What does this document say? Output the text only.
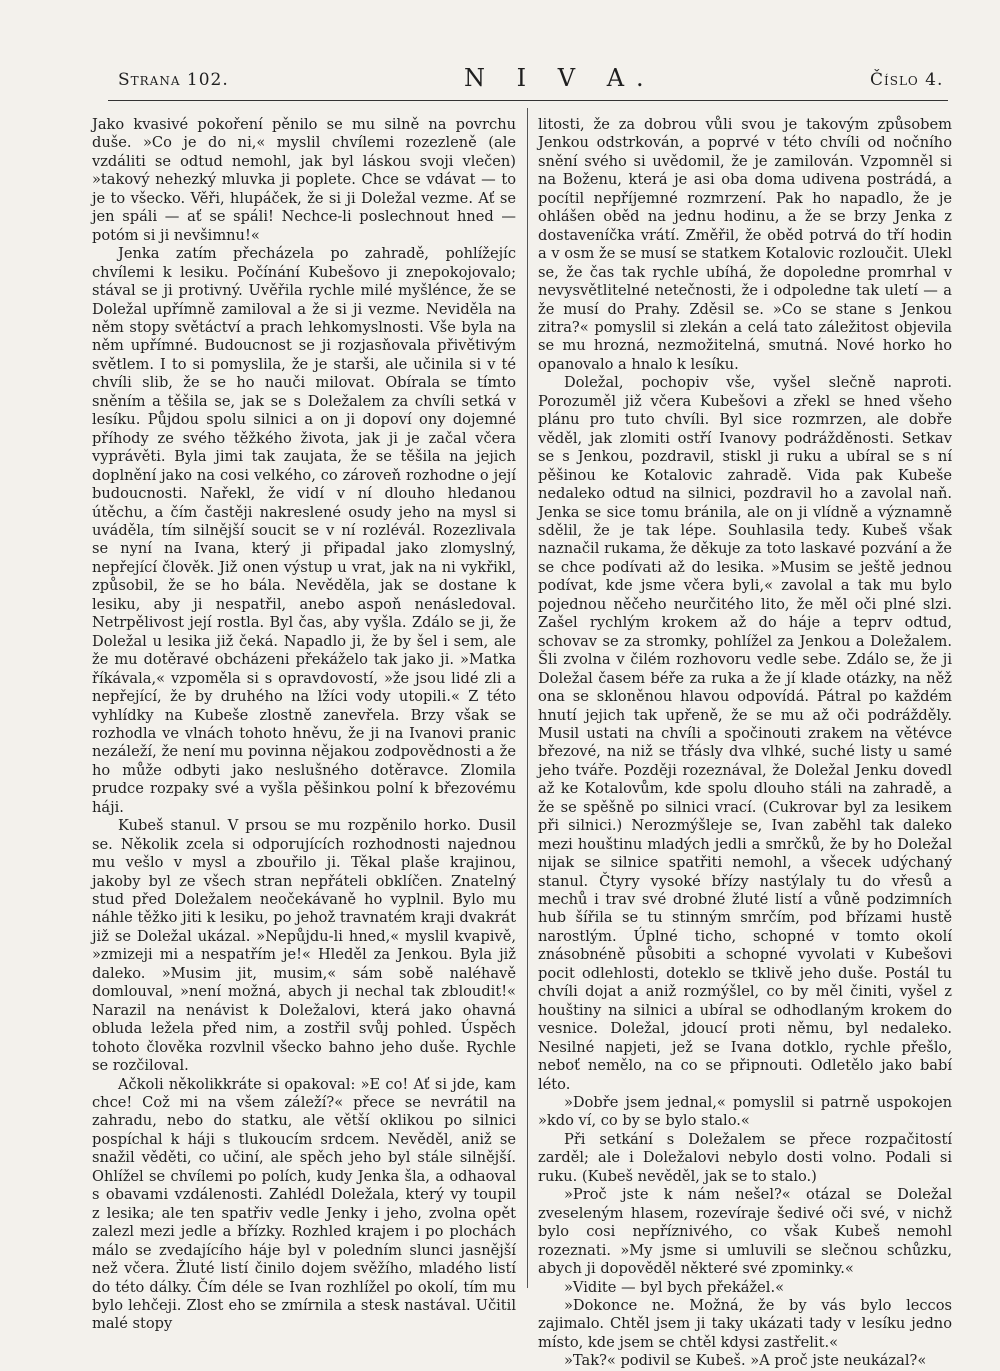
Strana 102.	N I V A.	Číslo 4.

Jako kvasivé pokoření pěnilo se mu silně na povrchu duše. »Co je do ni,« myslil chvílemi rozezleně (ale vzdáliti se odtud nemohl, jak byl láskou svoji vlečen) »takový nehezký mluvka ji poplete. Chce se vdávat — to je to všecko. Věři, hlupáček, že si ji Doležal vezme. Ať se jen spáli — ať se spáli! Nechce-li poslechnout hned — potóm si ji nevšimnu!«

Jenka zatím přecházela po zahradě, pohlížejíc chvílemi k lesiku. Počínání Kubešovo ji znepokojovalo; stával se ji protivný. Uvěřila rychle milé myšlénce, že se Doležal upřímně zamiloval a že si ji vezme. Neviděla na něm stopy světáctví a prach lehkomyslnosti. Vše byla na něm upřímné. Budoucnost se ji rozjasňovala přivětivým světlem. I to si pomyslila, že je starši, ale učinila si v té chvíli slib, že se ho nauči milovat. Obírala se tímto sněním a těšila se, jak se s Doležalem za chvíli setká v lesíku. Půjdou spolu silnici a on ji dopoví ony dojemné příhody ze svého těžkého života, jak ji je začal včera vyprávěti. Byla jimi tak zaujata, že se těšila na jejich doplnění jako na cosi velkého, co zároveň rozhodne o její budoucnosti. Nařekl, že vidí v ní dlouho hledanou útěchu, a čím častěji nakreslené osudy jeho na mysl si uváděla, tím silnější soucit se v ní rozlévál. Rozezlivala se nyní na Ivana, který ji připadal jako zlomyslný, nepřející člověk. Již onen výstup u vrat, jak na ni vykřikl, způsobil, že se ho bála. Nevěděla, jak se dostane k lesiku, aby ji nespatřil, anebo aspoň nenásledoval. Netrpělivost její rostla. Byl čas, aby vyšla. Zdálo se ji, že Doležal u lesika již čeká. Napadlo ji, že by šel i sem, ale že mu dotěravé obcházeni překáželo tak jako ji. »Matka říkávala,« vzpoměla si s opravdovostí, »že jsou lidé zli a nepřející, že by druhého na lžíci vody utopili.« Z této vyhlídky na Kubeše zlostně zanevřela. Brzy však se rozhodla ve vlnách tohoto hněvu, že ji na Ivanovi pranic nezáleží, že není mu povinna nějakou zodpovědnosti a že ho může odbyti jako neslušného dotěravce. Zlomila prudce rozpaky své a vyšla pěšinkou polní k březovému háji.

Kubeš stanul. V prsou se mu rozpěnilo horko. Dusil se. Několik zcela si odporujících rozhodnosti najednou mu vešlo v mysl a zbouřilo ji. Těkal plaše krajinou, jakoby byl ze všech stran nepřáteli obklíčen. Znatelný stud před Doležalem neočekávaně ho vyplnil. Bylo mu náhle těžko jiti k lesiku, po jehož travnatém kraji dvakrát již se Doležal ukázal. »Nepůjdu-li hned,« myslil kvapivě, »zmizeji mi a nespatřím je!« Hleděl za Jenkou. Byla již daleko. »Musim jit, musim,« sám sobě naléhavě domlouval, »není možná, abych ji nechal tak zbloudit!« Narazil na nenávist k Doležalovi, která jako ohavná obluda ležela před nim, a zostřil svůj pohled. Úspěch tohoto člověka rozvlnil všecko bahno jeho duše. Rychle se rozčiloval.

Ačkoli několikkráte si opakoval: »E co! Ať si jde, kam chce! Což mi na všem záleží?« přece se nevrátil na zahradu, nebo do statku, ale větší oklikou po silnici pospíchal k háji s tlukoucím srdcem. Nevěděl, aniž se snažil věděti, co učiní, ale spěch jeho byl stále silnější. Ohlížel se chvílemi po polích, kudy Jenka šla, a odhaoval s obavami vzdálenosti. Zahlédl Doležala, který vy toupil z lesika; ale ten spatřiv vedle Jenky i jeho, zvolna opět zalezl mezi jedle a břízky. Rozhled krajem i po plochách málo se zvedajícího háje byl v poledním slunci jasnější než včera. Žluté listí činilo dojem svěžího, mladého listí do této dálky. Čím déle se Ivan rozhlížel po okolí, tím mu bylo lehčeji. Zlost eho se zmírnila a stesk nastával. Učitil malé stopy

litosti, že za dobrou vůli svou je takovým způsobem Jenkou odstrkován, a poprvé v této chvíli od nočního snění svého si uvědomil, že je zamilován. Vzpomněl si na Boženu, která je asi oba doma udivena postrádá, a pocítil nepříjemné rozmrzení. Pak ho napadlo, že je ohlášen oběd na jednu hodinu, a že se brzy Jenka z dostaveníčka vrátí. Změřil, že oběd potrvá do tří hodin a v osm že se musí se statkem Kotalovic rozloučit. Ulekl se, že čas tak rychle ubíhá, že dopoledne promrhal v nevysvětlitelné netečnosti, že i odpoledne tak uletí — a že musí do Prahy. Zděsil se. »Co se stane s Jenkou zitra?« pomyslil si zlekán a celá tato záležitost objevila se mu hrozná, nezmožitelná, smutná. Nové horko ho opanovalo a hnalo k lesíku.

Doležal, pochopiv vše, vyšel slečně naproti. Porozuměl již včera Kubešovi a zřekl se hned všeho plánu pro tuto chvíli. Byl sice rozmrzen, ale dobře věděl, jak zlomiti ostří Ivanovy podrážděnosti. Setkav se s Jenkou, pozdravil, stiskl ji ruku a ubíral se s ní pěšinou ke Kotalovic zahradě. Vida pak Kubeše nedaleko odtud na silnici, pozdravil ho a zavolal naň. Jenka se sice tomu bránila, ale on ji vlídně a významně sdělil, že je tak lépe. Souhlasila tedy. Kubeš však naznačil rukama, že děkuje za toto laskavé pozvání a že se chce podívati až do lesika. »Musim se ještě jednou podívat, kde jsme včera byli,« zavolal a tak mu bylo pojednou něčeho neurčitého lito, že měl oči plné slzi. Zašel rychlým krokem až do háje a teprv odtud, schovav se za stromky, pohlížel za Jenkou a Doležalem. Šli zvolna v čilém rozhovoru vedle sebe. Zdálo se, že ji Doležal časem béře za ruka a že jí klade otázky, na něž ona se skloněnou hlavou odpovídá. Pátral po každém hnutí jejich tak upřeně, že se mu až oči podrážděly. Musil ustati na chvíli a spočinouti zrakem na větévce březové, na niž se třásly dva vlhké, suché listy u samé jeho tváře. Později rozeznával, že Doležal Jenku dovedl až ke Kotalovům, kde spolu dlouho stáli na zahradě, a že se spěšně po silnici vrací. (Cukrovar byl za lesikem při silnici.) Nerozmýšleje se, Ivan zaběhl tak daleko mezi houštinu mladých jedli a smrčků, že by ho Doležal nijak se silnice spatřiti nemohl, a všecek udýchaný stanul. Čtyry vysoké břízy nastýlaly tu do vřesů a mechů i trav své drobné žluté listí a vůně podzimních hub šířila se tu stinným smrčím, pod břízami hustě narostlým. Úplné ticho, schopné v tomto okolí znásobnéně působiti a schopné vyvolati v Kubešovi pocit odlehlosti, doteklo se tklivě jeho duše. Postál tu chvíli dojat a aniž rozmýšlel, co by měl činiti, vyšel z houštiny na silnici a ubíral se odhodlaným krokem do vesnice. Doležal, jdoucí proti němu, byl nedaleko. Nesilné napjeti, jež se Ivana dotklo, rychle přešlo, neboť nemělo, na co se připnouti. Odletělo jako babí léto.

»Dobře jsem jednal,« pomyslil si patrně uspokojen »kdo ví, co by se bylo stalo.«

Při setkání s Doležalem se přece rozpačitostí zarděl; ale i Doležalovi nebylo dosti volno. Podali si ruku. (Kubeš nevěděl, jak se to stalo.)

»Proč jste k nám nešel?« otázal se Doležal zveseleným hlasem, rozevíraje šedivé oči své, v nichž bylo cosi nepříznivého, co však Kubeš nemohl rozeznati. »My jsme si umluvili se slečnou schůzku, abych ji dopověděl některé své zpominky.«

»Vidite — byl bych překážel.«

»Dokonce ne. Možná, že by vás bylo leccos zajimalo. Chtěl jsem ji taky ukázati tady v lesíku jedno místo, kde jsem se chtěl kdysi zastřelit.«

»Tak?« podivil se Kubeš. »A proč jste neukázal?«
